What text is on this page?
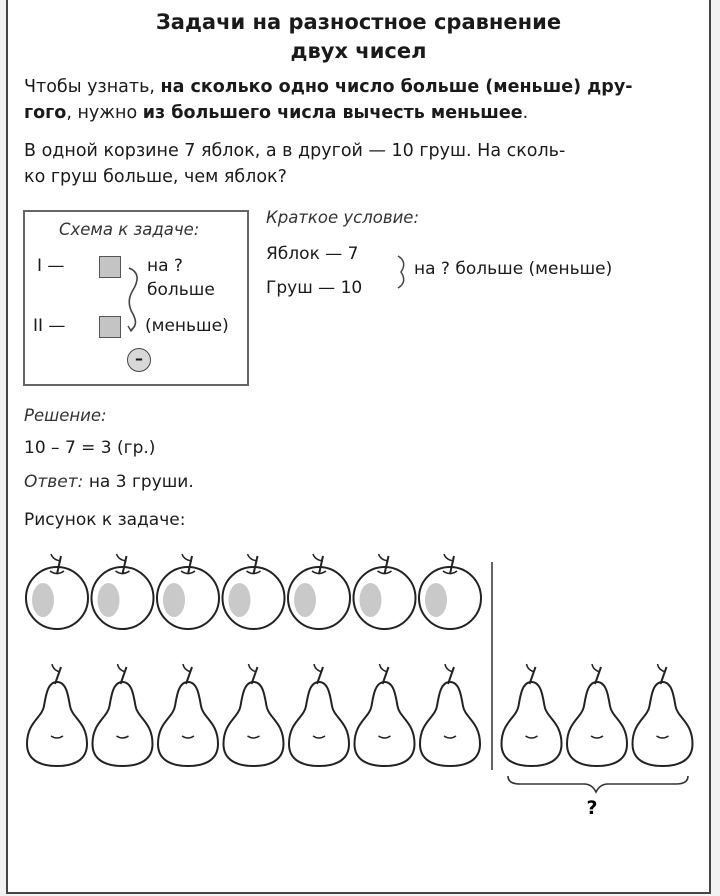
Задачи на разностное сравнение
двух чисел
Чтобы узнать, на сколько одно число больше (меньше) дру-
гого, нужно из большего числа вычесть меньшее.
В одной корзине 7 яблок, а в другой — 10 груш. На сколь-
ко груш больше, чем яблок?
Схема к задаче:
I —
II —
на ?
больше
(меньше)
–
Краткое условие:
Яблок — 7
Груш — 10
на ? больше (меньше)
Решение:
10 – 7 = 3 (гр.)
Ответ: на 3 груши.
Рисунок к задаче:
?
